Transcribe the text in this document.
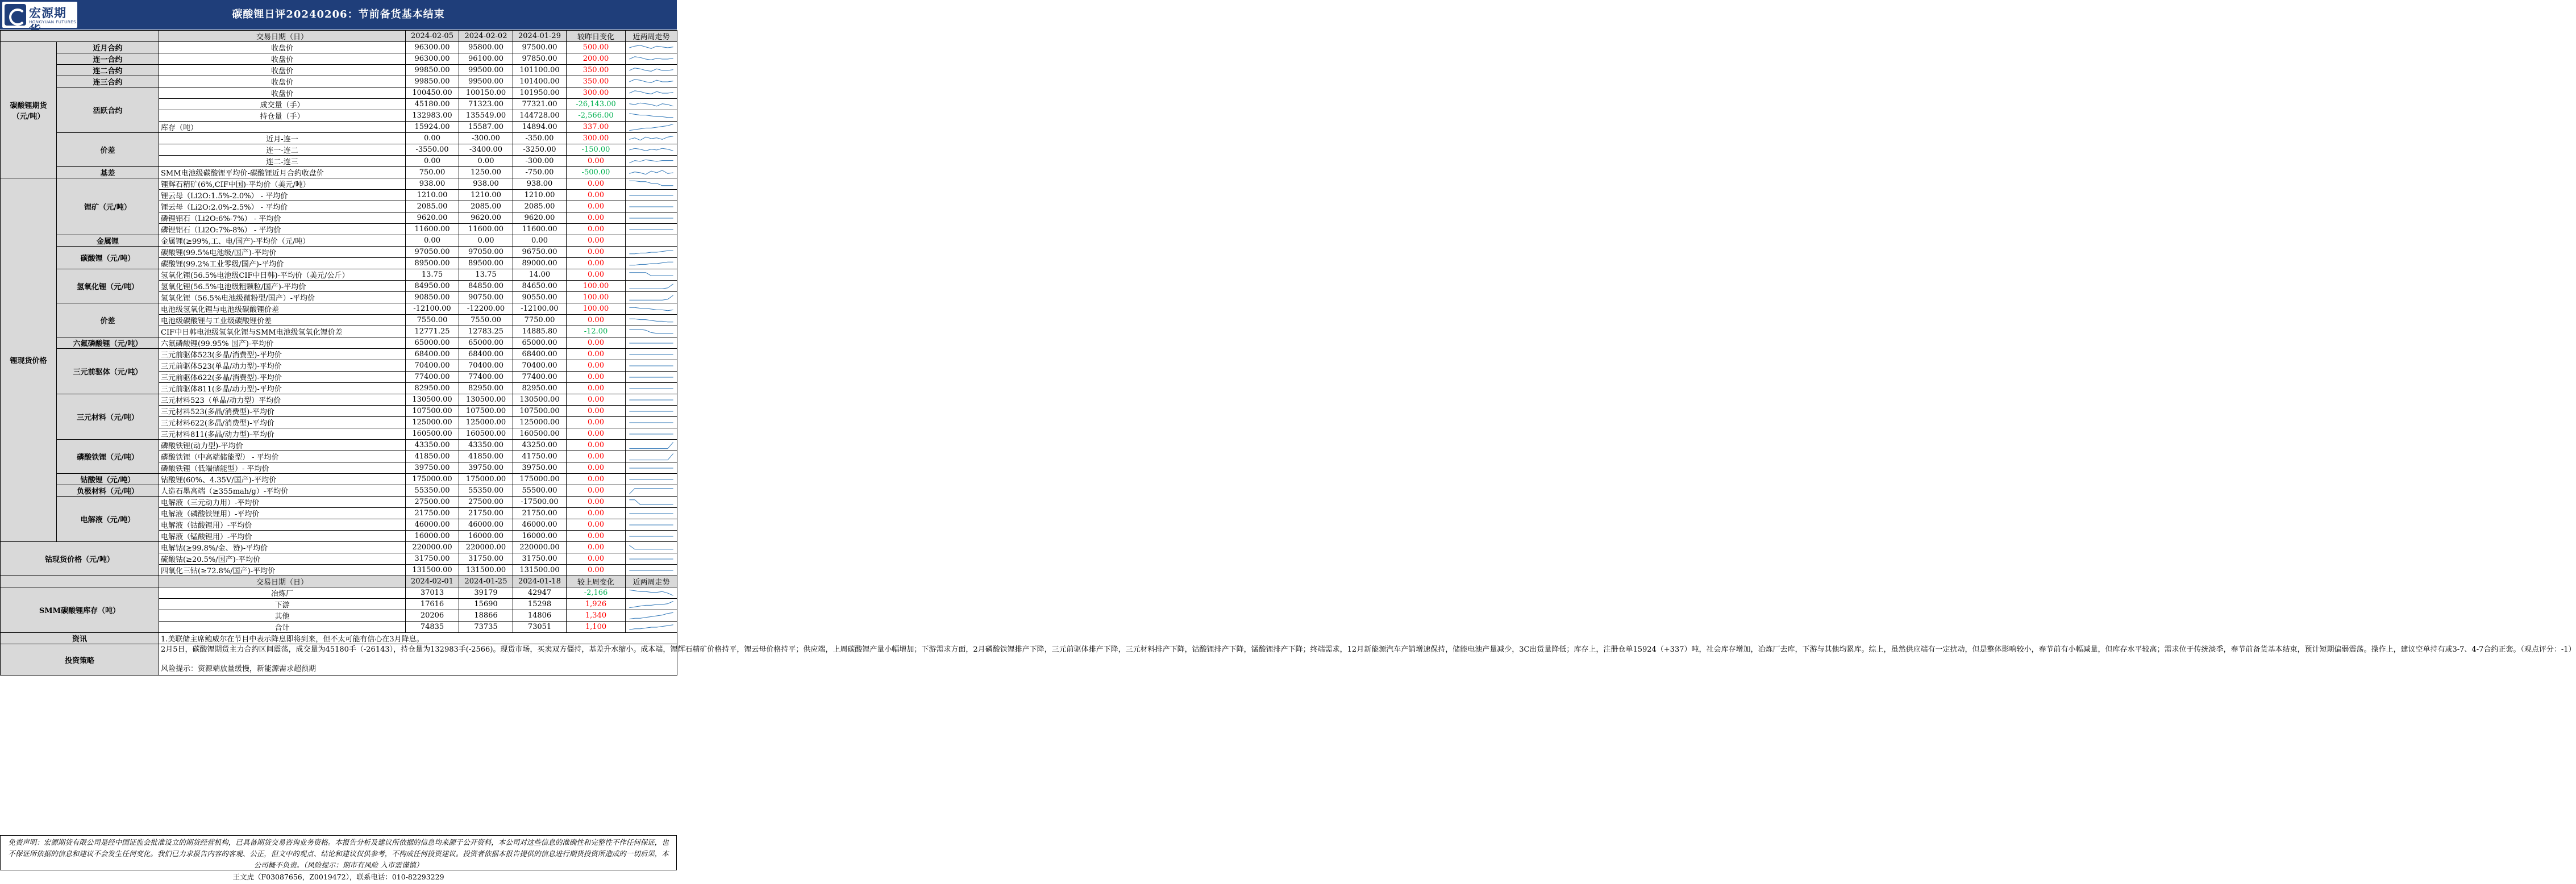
宏源期
HONGYUAN FUTURES
碳酸锂日评20240206：节前备货基本结束
		交易日期（日）	2024-02-05	2024-02-02	2024-01-29	较昨日变化	近两周走势
碳酸锂期货
（元/吨）	近月合约	收盘价	96300.00	95800.00	97500.00	500.00	

	连一合约	收盘价	96300.00	96100.00	97850.00	200.00	

	连二合约	收盘价	99850.00	99500.00	101100.00	350.00	

	连三合约	收盘价	99850.00	99500.00	101400.00	350.00	

	活跃合约	收盘价	100450.00	100150.00	101950.00	300.00	

		成交量（手）	45180.00	71323.00	77321.00	-26,143.00	

		持仓量（手）	132983.00	135549.00	144728.00	-2,566.00	

		库存（吨）	15924.00	15587.00	14894.00	337.00	

	价差	近月-连一	0.00	-300.00	-350.00	300.00	

		连一-连二	-3550.00	-3400.00	-3250.00	-150.00	

		连二-连三	0.00	0.00	-300.00	0.00	

	基差	SMM电池级碳酸锂平均价-碳酸锂近月合约收盘价	750.00	1250.00	-750.00	-500.00	

锂现货价格	锂矿（元/吨）	锂辉石精矿(6%,CIF中国)-平均价（美元/吨）	938.00	938.00	938.00	0.00	

		锂云母（Li2O:1.5%-2.0%） - 平均价	1210.00	1210.00	1210.00	0.00	

		锂云母（Li2O:2.0%-2.5%） - 平均价	2085.00	2085.00	2085.00	0.00	

		磷锂铝石（Li2O:6%-7%） - 平均价	9620.00	9620.00	9620.00	0.00	

		磷锂铝石（Li2O:7%-8%） - 平均价	11600.00	11600.00	11600.00	0.00	

	金属锂	金属锂(≥99%,工、电/国产)-平均价（元/吨）	0.00	0.00	0.00	0.00	
	碳酸锂（元/吨）	碳酸锂(99.5%电池级/国产)-平均价	97050.00	97050.00	96750.00	0.00	

		碳酸锂(99.2%工业零级/国产)-平均价	89500.00	89500.00	89000.00	0.00	

	氢氧化锂（元/吨）	氢氧化锂(56.5%电池级CIF中日韩)-平均价（美元/公斤）	13.75	13.75	14.00	0.00	

		氢氧化锂(56.5%电池级粗颗粒/国产)-平均价	84950.00	84850.00	84650.00	100.00	

		氢氧化锂（56.5%电池级微粉型/国产）-平均价	90850.00	90750.00	90550.00	100.00	

	价差	电池级氢氧化锂与电池级碳酸锂价差	-12100.00	-12200.00	-12100.00	100.00	

		电池级碳酸锂与工业级碳酸锂价差	7550.00	7550.00	7750.00	0.00	

		CIF中日韩电池级氢氧化锂与SMM电池级氢氧化锂价差	12771.25	12783.25	14885.80	-12.00	

	六氟磷酸锂（元/吨）	六氟磷酸锂(99.95% 国产)-平均价	65000.00	65000.00	65000.00	0.00	

	三元前驱体（元/吨）	三元前驱体523(多晶/消费型)-平均价	68400.00	68400.00	68400.00	0.00	

		三元前驱体523(单晶/动力型)-平均价	70400.00	70400.00	70400.00	0.00	

		三元前驱体622(多晶/消费型)-平均价	77400.00	77400.00	77400.00	0.00	

		三元前驱体811(多晶/动力型)-平均价	82950.00	82950.00	82950.00	0.00	

	三元材料（元/吨）	三元材料523（单晶/动力型）平均价	130500.00	130500.00	130500.00	0.00	

		三元材料523(多晶/消费型)-平均价	107500.00	107500.00	107500.00	0.00	

		三元材料622(多晶/消费型)-平均价	125000.00	125000.00	125000.00	0.00	

		三元材料811(多晶/动力型)-平均价	160500.00	160500.00	160500.00	0.00	

	磷酸铁锂（元/吨）	磷酸铁锂(动力型)-平均价	43350.00	43350.00	43250.00	0.00	

		磷酸铁锂（中高端储能型） - 平均价	41850.00	41850.00	41750.00	0.00	

		磷酸铁锂（低端储能型）- 平均价	39750.00	39750.00	39750.00	0.00	

	钴酸锂（元/吨）	钴酸锂(60%、4.35V/国产)-平均价	175000.00	175000.00	175000.00	0.00	

	负极材料（元/吨）	人造石墨高端（≥355mah/g）-平均价	55350.00	55350.00	55500.00	0.00	

	电解液（元/吨）	电解液（三元动力用）-平均价	27500.00	27500.00	-17500.00	0.00	

		电解液（磷酸铁锂用）-平均价	21750.00	21750.00	21750.00	0.00	

		电解液（钴酸锂用）-平均价	46000.00	46000.00	46000.00	0.00	

		电解液（锰酸锂用）-平均价	16000.00	16000.00	16000.00	0.00	

钴现货价格（元/吨）		电解钴(≥99.8%/金、赞)-平均价	220000.00	220000.00	220000.00	0.00	

		硫酸钴(≥20.5%/国产)-平均价	31750.00	31750.00	31750.00	0.00	

		四氧化三钴(≥72.8%/国产)-平均价	131500.00	131500.00	131500.00	0.00	

		交易日期（日）	2024-02-01	2024-01-25	2024-01-18	较上周变化	近两周走势
SMM碳酸锂库存（吨）		冶炼厂	37013	39179	42947	-2,166	

		下游	17616	15690	15298	1,926	

		其他	20206	18866	14806	1,340	

		合计	74835	73735	73051	1,100	

资讯		1.美联储主席鲍威尔在节目中表示降息即将到来，但不太可能有信心在3月降息。					
投资策略		2月5日，碳酸锂期货主力合约区间震荡，成交量为45180手（-26143），持仓量为132983手(-2566)。现货市场，买卖双方僵持，基差升水缩小。成本端，锂辉石精矿价格持平，锂云母价格持平；供应端，上周碳酸锂产量小幅增加；下游需求方面，2月磷酸铁锂排产下降，三元前驱体排产下降，三元材料排产下降，钴酸锂排产下降，锰酸锂排产下降；终端需求，12月新能源汽车产销增速保持，储能电池产量减少，3C出货量降低；库存上，注册仓单15924（+337）吨，社会库存增加，冶炼厂去库，下游与其他均累库。综上，虽然供应端有一定扰动，但是整体影响较小，春节前有小幅减量，但库存水平较高；需求位于传统淡季，春节前备货基本结束，预计短期偏弱震荡。操作上，建议空单持有或3-7、4-7合约正套。（观点评分：-1）
风险提示：资源端放量缓慢，新能源需求超预期					
免责声明：宏源期货有限公司是经中国证监会批准设立的期货经营机构，已具备期货交易咨询业务资格。本报告分析及建议所依据的信息均来源于公开资料，本公司对这些信息的准确性和完整性不作任何保证，也不保证所依据的信息和建议不会发生任何变化。我们已力求报告内容的客观、公正，但文中的观点、结论和建议仅供参考，不构成任何投资建议。投资者依据本报告提供的信息进行期货投资所造成的一切后果，本公司概不负责。（风险提示：期市有风险 入市需谨慎）
王文虎（F03087656，Z0019472），联系电话：010-82293229
